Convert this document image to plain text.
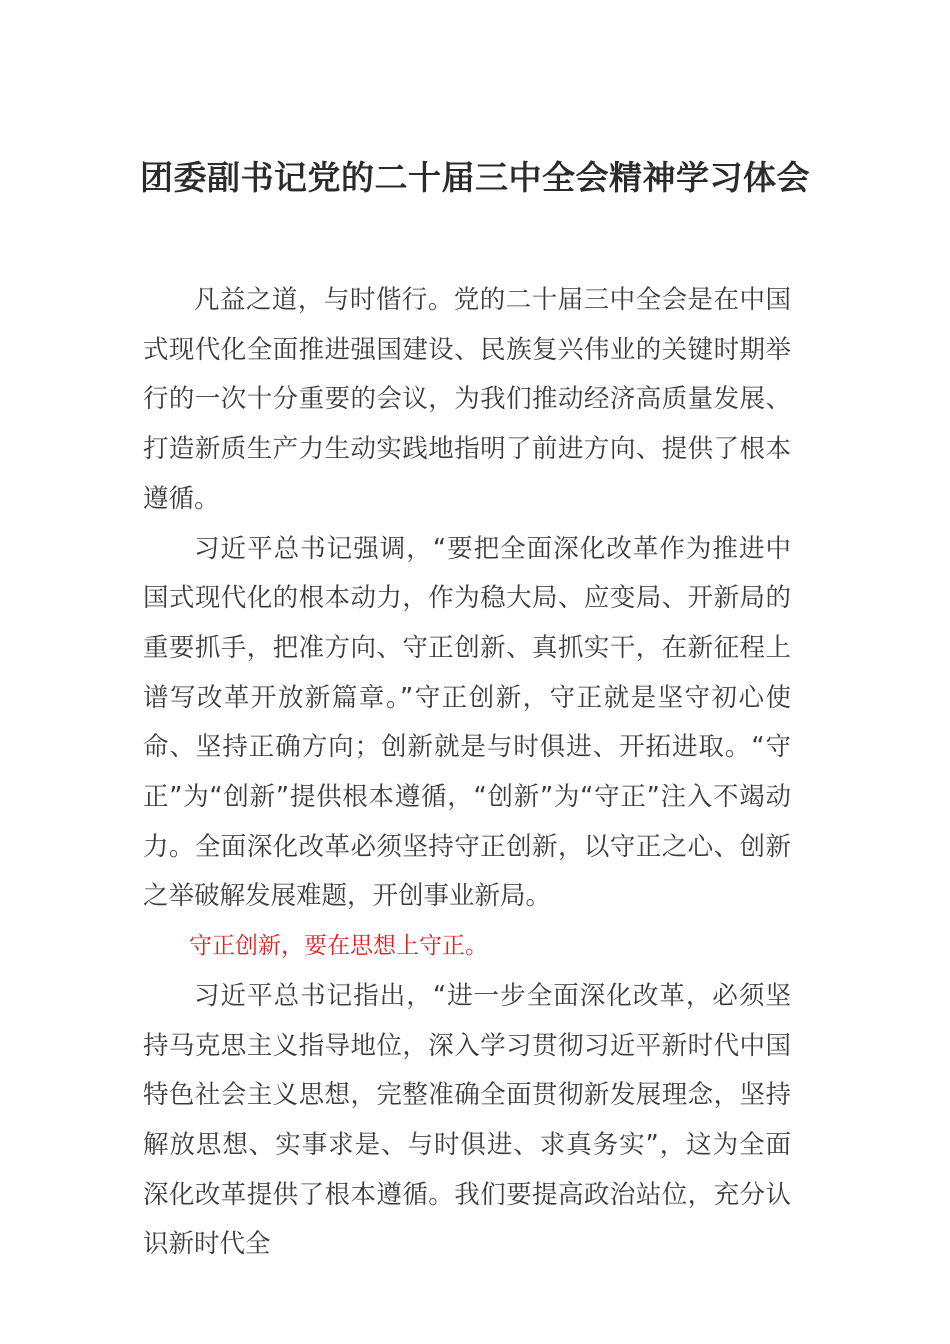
团委副书记党的二十届三中全会精神学习体会

凡益之道，与时偕行。党的二十届三中全会是在中国式现代化全面推进强国建设、民族复兴伟业的关键时期举行的一次十分重要的会议，为我们推动经济高质量发展、打造新质生产力生动实践地指明了前进方向、提供了根本遵循。

习近平总书记强调，“要把全面深化改革作为推进中国式现代化的根本动力，作为稳大局、应变局、开新局的重要抓手，把准方向、守正创新、真抓实干，在新征程上谱写改革开放新篇章。”守正创新，守正就是坚守初心使命、坚持正确方向；创新就是与时俱进、开拓进取。“守正”为“创新”提供根本遵循，“创新”为“守正”注入不竭动力。全面深化改革必须坚持守正创新，以守正之心、创新之举破解发展难题，开创事业新局。

守正创新，要在思想上守正。

习近平总书记指出，“进一步全面深化改革，必须坚持马克思主义指导地位，深入学习贯彻习近平新时代中国特色社会主义思想，完整准确全面贯彻新发展理念，坚持解放思想、实事求是、与时俱进、求真务实”，这为全面深化改革提供了根本遵循。我们要提高政治站位，充分认识新时代全
